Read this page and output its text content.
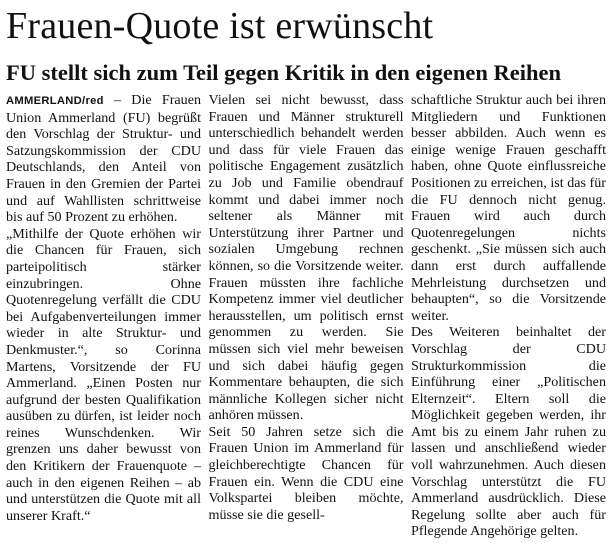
Frauen-Quote ist erwünscht
FU stellt sich zum Teil gegen Kritik in den eigenen Reihen

AMMERLAND/red – Die Frauen Union Ammerland (FU) begrüßt den Vorschlag der Struktur- und Satzungskommission der CDU Deutschlands, den Anteil von Frauen in den Gremien der Partei und auf Wahllisten schrittweise bis auf 50 Prozent zu erhöhen.

„Mithilfe der Quote erhöhen wir die Chancen für Frauen, sich parteipolitisch stärker einzubringen. Ohne Quotenregelung verfällt die CDU bei Aufgabenverteilungen immer wieder in alte Struktur- und Denkmuster.“, so Corinna Martens, Vorsitzende der FU Ammerland. „Einen Posten nur aufgrund der besten Qualifikation ausüben zu dürfen, ist leider noch reines Wunschdenken. Wir grenzen uns daher bewusst von den Kritikern der Frauenquote – auch in den eigenen Reihen – ab und unterstützen die Quote mit all unserer Kraft.“

Vielen sei nicht bewusst, dass Frauen und Männer strukturell unterschiedlich behandelt werden und dass für viele Frauen das politische Engagement zusätzlich zu Job und Familie obendrauf kommt und dabei immer noch seltener als Männer mit Unterstützung ihrer Partner und sozialen Umgebung rechnen können, so die Vorsitzende weiter. Frauen müssten ihre fachliche Kompetenz immer viel deutlicher herausstellen, um politisch ernst genommen zu werden. Sie müssen sich viel mehr beweisen und sich dabei häufig gegen Kommentare behaupten, die sich männliche Kollegen sicher nicht anhören müssen.

Seit 50 Jahren setze sich die Frauen Union im Ammerland für gleichberechtigte Chancen für Frauen ein. Wenn die CDU eine Volkspartei bleiben möchte, müsse sie die gesell-

schaftliche Struktur auch bei ihren Mitgliedern und Funktionen besser abbilden. Auch wenn es einige wenige Frauen geschafft haben, ohne Quote einflussreiche Positionen zu erreichen, ist das für die FU dennoch nicht genug. Frauen wird auch durch Quotenregelungen nichts geschenkt. „Sie müssen sich auch dann erst durch auffallende Mehrleistung durchsetzen und behaupten“, so die Vorsitzende weiter.

Des Weiteren beinhaltet der Vorschlag der CDU Strukturkommission die Einführung einer „Politischen Elternzeit“. Eltern soll die Möglichkeit gegeben werden, ihr Amt bis zu einem Jahr ruhen zu lassen und anschließend wieder voll wahrzunehmen. Auch diesen Vorschlag unterstützt die FU Ammerland ausdrücklich. Diese Regelung sollte aber auch für Pflegende Angehörige gelten.
